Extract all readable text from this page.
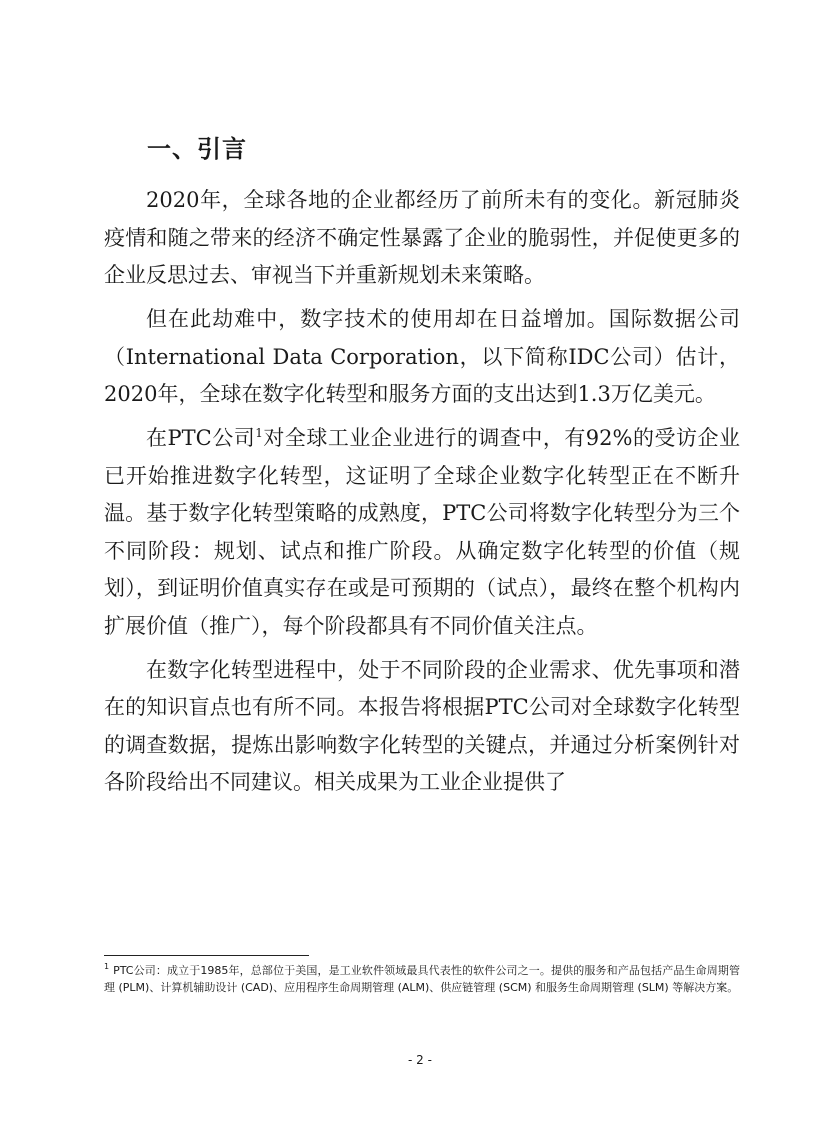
一、引言

2020年，全球各地的企业都经历了前所未有的变化。新冠肺炎疫情和随之带来的经济不确定性暴露了企业的脆弱性，并促使更多的企业反思过去、审视当下并重新规划未来策略。

但在此劫难中，数字技术的使用却在日益增加。国际数据公司（International Data Corporation，以下简称IDC公司）估计，2020年，全球在数字化转型和服务方面的支出达到1.3万亿美元。

在PTC公司$^1$对全球工业企业进行的调查中，有92%的受访企业已开始推进数字化转型，这证明了全球企业数字化转型正在不断升温。基于数字化转型策略的成熟度，PTC公司将数字化转型分为三个不同阶段：规划、试点和推广阶段。从确定数字化转型的价值（规划），到证明价值真实存在或是可预期的（试点），最终在整个机构内扩展价值（推广），每个阶段都具有不同价值关注点。

在数字化转型进程中，处于不同阶段的企业需求、优先事项和潜在的知识盲点也有所不同。本报告将根据PTC公司对全球数字化转型的调查数据，提炼出影响数字化转型的关键点，并通过分析案例针对各阶段给出不同建议。相关成果为工业企业提供了

$^1$ PTC公司：成立于1985年，总部位于美国，是工业软件领域最具代表性的软件公司之一。提供的服务和产品包括产品生命周期管理 (PLM)、计算机辅助设计 (CAD)、应用程序生命周期管理 (ALM)、供应链管理 (SCM) 和服务生命周期管理 (SLM) 等解决方案。

- 2 -
